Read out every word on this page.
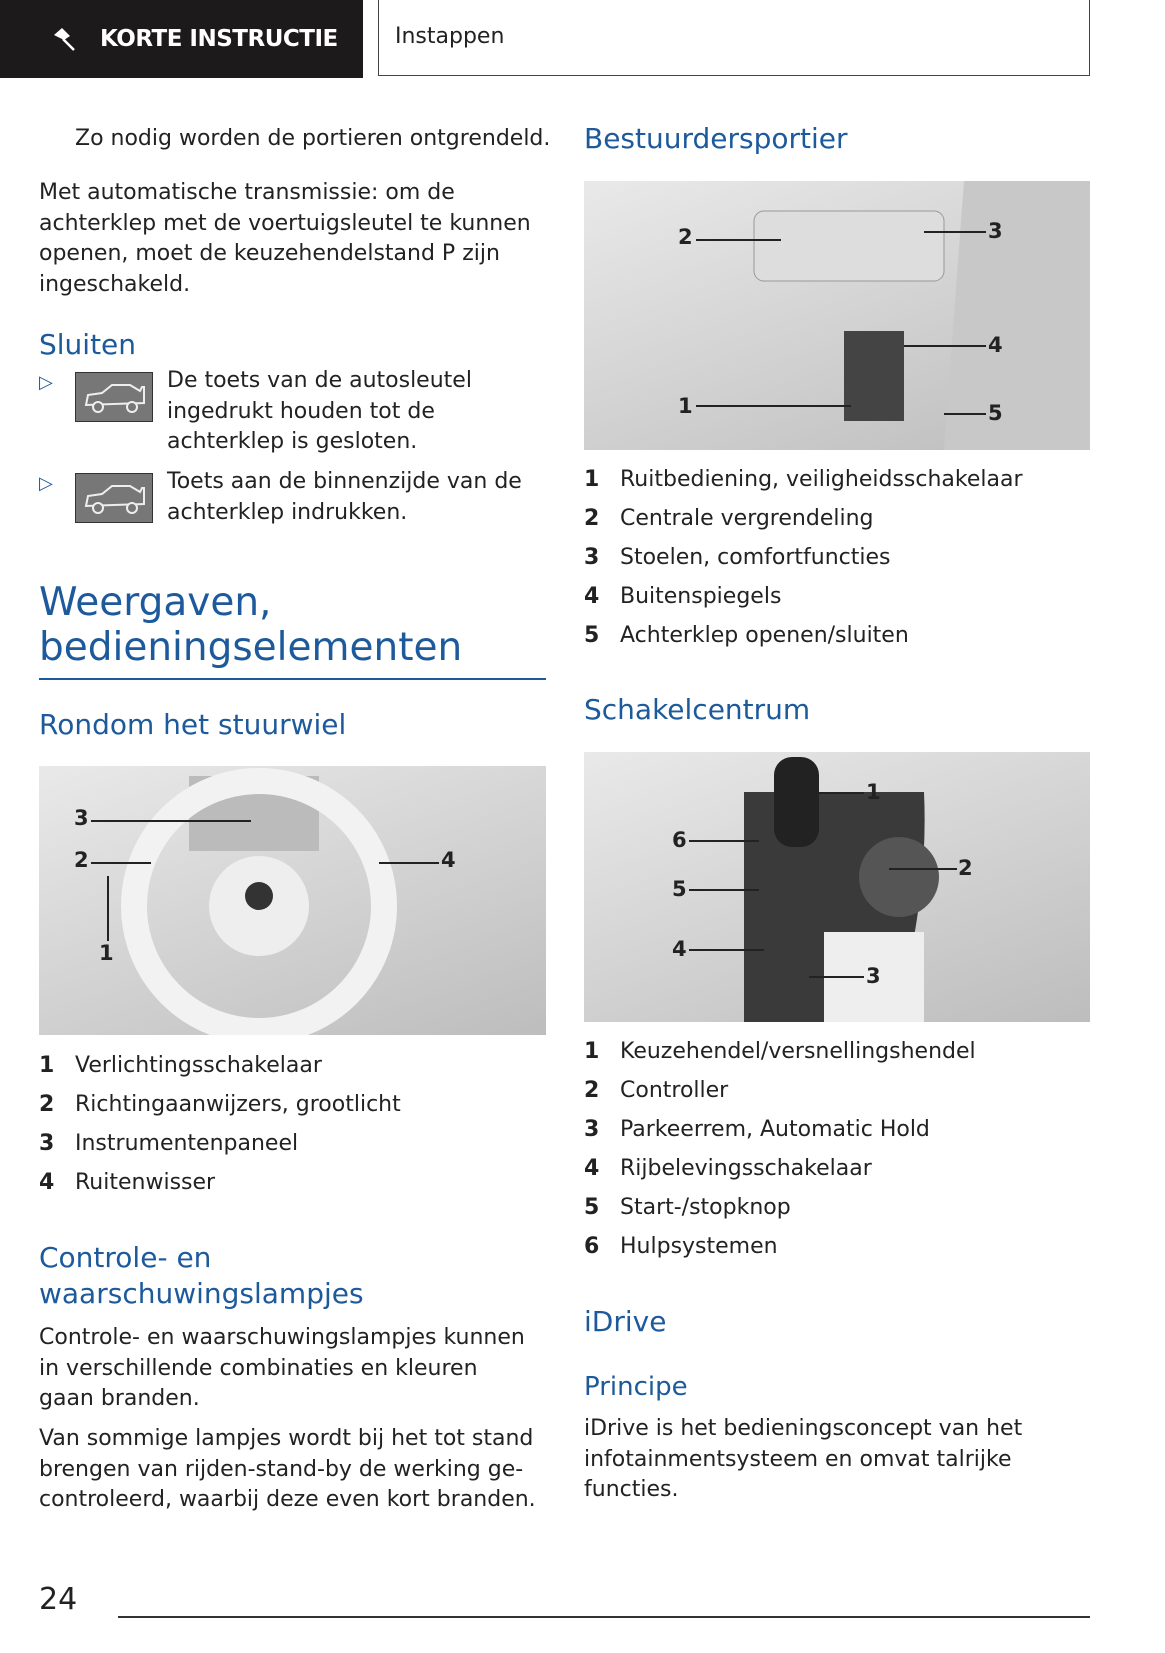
KORTE INSTRUCTIE	Instappen
Zo nodig worden de portieren ontgrendeld.
Met automatische transmissie: om de achterklep met de voertuigsleutel te kunnen openen, moet de keuzehendelstand P zijn ingeschakeld.
Sluiten
▷	De toets van de autosleutel ingedrukt houden tot de achterklep is gesloten.
▷	Toets aan de binnenzijde van de achterklep indrukken.
Weergaven, bedieningselementen
Rondom het stuurwiel
3
2
1
4
1 Verlichtingsschakelaar
2 Richtingaanwijzers, grootlicht
3 Instrumentenpaneel
4 Ruitenwisser
Controle- en waarschuwingslampjes
Controle- en waarschuwingslampjes kunnen in verschillende combinaties en kleuren gaan branden.
Van sommige lampjes wordt bij het tot stand brengen van rijden-stand-by de werking gecontroleerd, waarbij deze even kort branden.
Bestuurdersportier
2	3
4
1	5
1 Ruitbediening, veiligheidsschakelaar
2 Centrale vergrendeling
3 Stoelen, comfortfuncties
4 Buitenspiegels
5 Achterklep openen/sluiten
Schakelcentrum
1
2
3
4
5
6
1 Keuzehendel/versnellingshendel
2 Controller
3 Parkeerrem, Automatic Hold
4 Rijbelevingsschakelaar
5 Start-/stopknop
6 Hulpsystemen
iDrive
Principe
iDrive is het bedieningsconcept van het infotainmentsysteem en omvat talrijke functies.
24
